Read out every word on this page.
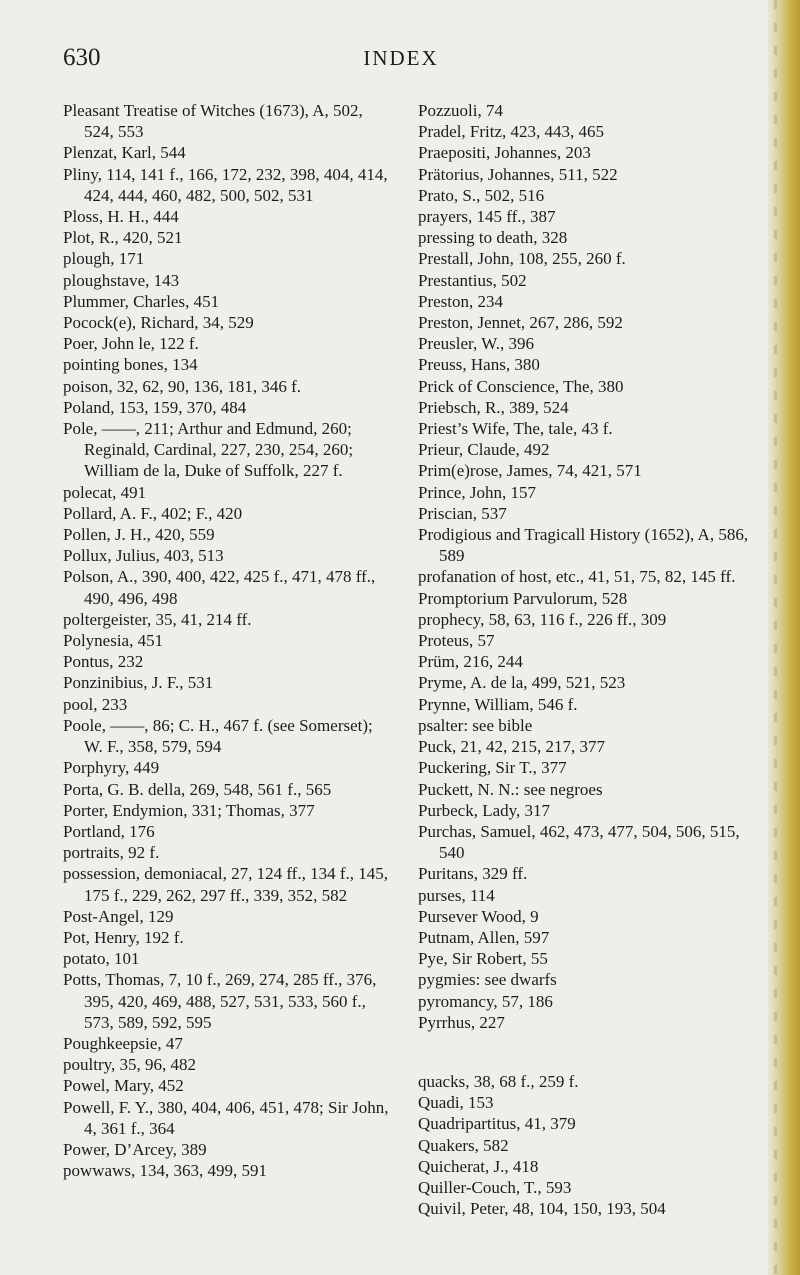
630	INDEX

Pleasant Treatise of Witches (1673), A, 502, 524, 553

Plenzat, Karl, 544

Pliny, 114, 141 f., 166, 172, 232, 398, 404, 414, 424, 444, 460, 482, 500, 502, 531

Ploss, H. H., 444

Plot, R., 420, 521

plough, 171

ploughstave, 143

Plummer, Charles, 451

Pocock(e), Richard, 34, 529

Poer, John le, 122 f.

pointing bones, 134

poison, 32, 62, 90, 136, 181, 346 f.

Poland, 153, 159, 370, 484

Pole, ——, 211; Arthur and Edmund, 260; Reginald, Cardinal, 227, 230, 254, 260; William de la, Duke of Suffolk, 227 f.

polecat, 491

Pollard, A. F., 402; F., 420

Pollen, J. H., 420, 559

Pollux, Julius, 403, 513

Polson, A., 390, 400, 422, 425 f., 471, 478 ff., 490, 496, 498

poltergeister, 35, 41, 214 ff.

Polynesia, 451

Pontus, 232

Ponzinibius, J. F., 531

pool, 233

Poole, ——, 86; C. H., 467 f. (see Somerset); W. F., 358, 579, 594

Porphyry, 449

Porta, G. B. della, 269, 548, 561 f., 565

Porter, Endymion, 331; Thomas, 377

Portland, 176

portraits, 92 f.

possession, demoniacal, 27, 124 ff., 134 f., 145, 175 f., 229, 262, 297 ff., 339, 352, 582

Post-Angel, 129

Pot, Henry, 192 f.

potato, 101

Potts, Thomas, 7, 10 f., 269, 274, 285 ff., 376, 395, 420, 469, 488, 527, 531, 533, 560 f., 573, 589, 592, 595

Poughkeepsie, 47

poultry, 35, 96, 482

Powel, Mary, 452

Powell, F. Y., 380, 404, 406, 451, 478; Sir John, 4, 361 f., 364

Power, D’Arcey, 389

powwaws, 134, 363, 499, 591

Pozzuoli, 74

Pradel, Fritz, 423, 443, 465

Praepositi, Johannes, 203

Prätorius, Johannes, 511, 522

Prato, S., 502, 516

prayers, 145 ff., 387

pressing to death, 328

Prestall, John, 108, 255, 260 f.

Prestantius, 502

Preston, 234

Preston, Jennet, 267, 286, 592

Preusler, W., 396

Preuss, Hans, 380

Prick of Conscience, The, 380

Priebsch, R., 389, 524

Priest’s Wife, The, tale, 43 f.

Prieur, Claude, 492

Prim(e)rose, James, 74, 421, 571

Prince, John, 157

Priscian, 537

Prodigious and Tragicall History (1652), A, 586, 589

profanation of host, etc., 41, 51, 75, 82, 145 ff.

Promptorium Parvulorum, 528

prophecy, 58, 63, 116 f., 226 ff., 309

Proteus, 57

Prüm, 216, 244

Pryme, A. de la, 499, 521, 523

Prynne, William, 546 f.

psalter: see bible

Puck, 21, 42, 215, 217, 377

Puckering, Sir T., 377

Puckett, N. N.: see negroes

Purbeck, Lady, 317

Purchas, Samuel, 462, 473, 477, 504, 506, 515, 540

Puritans, 329 ff.

purses, 114

Pursever Wood, 9

Putnam, Allen, 597

Pye, Sir Robert, 55

pygmies: see dwarfs

pyromancy, 57, 186

Pyrrhus, 227

quacks, 38, 68 f., 259 f.

Quadi, 153

Quadripartitus, 41, 379

Quakers, 582

Quicherat, J., 418

Quiller-Couch, T., 593

Quivil, Peter, 48, 104, 150, 193, 504
